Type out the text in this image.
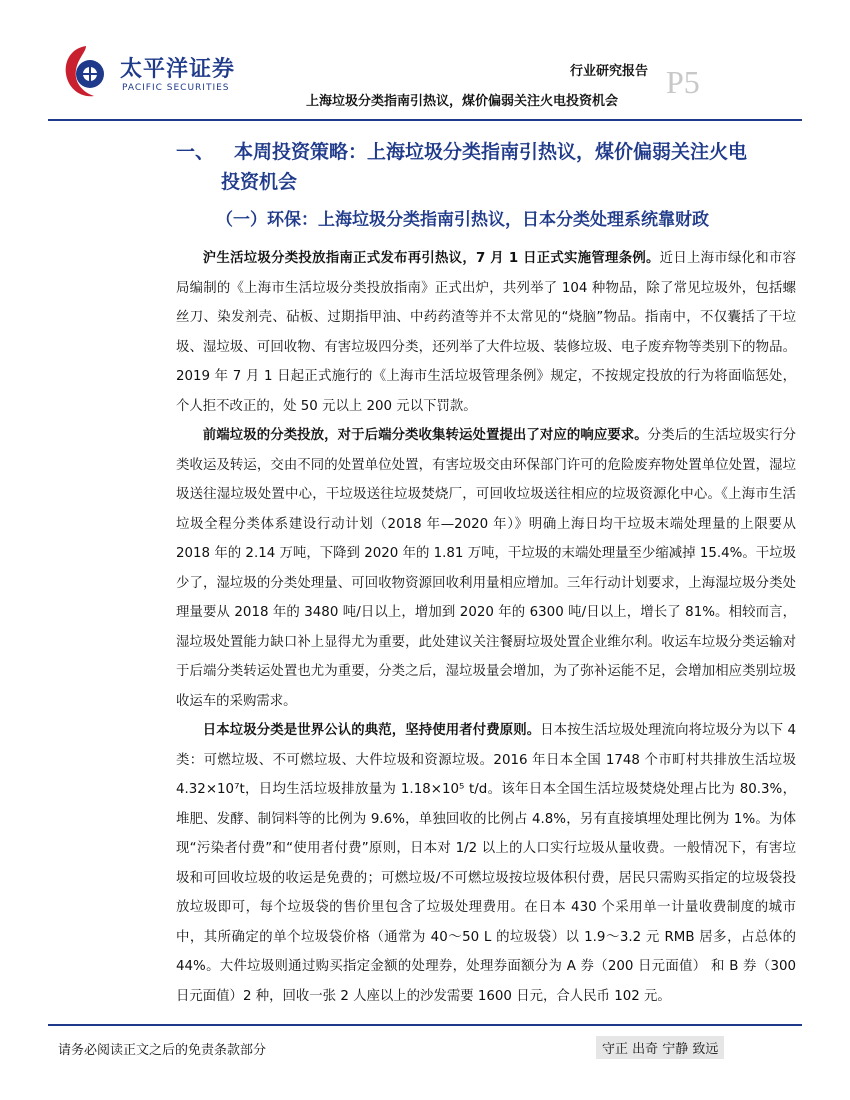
太平洋证券
PACIFIC SECURITIES
行业研究报告 P5
上海垃圾分类指南引热议，煤价偏弱关注火电投资机会
一、 本周投资策略：上海垃圾分类指南引热议，煤价偏弱关注火电
投资机会
（一）环保：上海垃圾分类指南引热议，日本分类处理系统靠财政

沪生活垃圾分类投放指南正式发布再引热议，7 月 1 日正式实施管理条例。近日上海市绿化和市容局编制的《上海市生活垃圾分类投放指南》正式出炉，共列举了 104 种物品，除了常见垃圾外，包括螺丝刀、染发剂壳、砧板、过期指甲油、中药药渣等并不太常见的“烧脑”物品。指南中，不仅囊括了干垃圾、湿垃圾、可回收物、有害垃圾四分类，还列举了大件垃圾、装修垃圾、电子废弃物等类别下的物品。2019 年 7 月 1 日起正式施行的《上海市生活垃圾管理条例》规定，不按规定投放的行为将面临惩处，个人拒不改正的，处 50 元以上 200 元以下罚款。

前端垃圾的分类投放，对于后端分类收集转运处置提出了对应的响应要求。分类后的生活垃圾实行分类收运及转运，交由不同的处置单位处置，有害垃圾交由环保部门许可的危险废弃物处置单位处置，湿垃圾送往湿垃圾处置中心，干垃圾送往垃圾焚烧厂，可回收垃圾送往相应的垃圾资源化中心。《上海市生活垃圾全程分类体系建设行动计划（2018 年—2020 年）》明确上海日均干垃圾末端处理量的上限要从 2018 年的 2.14 万吨，下降到 2020 年的 1.81 万吨，干垃圾的末端处理量至少缩减掉 15.4%。干垃圾少了，湿垃圾的分类处理量、可回收物资源回收利用量相应增加。三年行动计划要求，上海湿垃圾分类处理量要从 2018 年的 3480 吨/日以上，增加到 2020 年的 6300 吨/日以上，增长了 81%。相较而言，湿垃圾处置能力缺口补上显得尤为重要，此处建议关注餐厨垃圾处置企业维尔利。收运车垃圾分类运输对于后端分类转运处置也尤为重要，分类之后，湿垃圾量会增加，为了弥补运能不足，会增加相应类别垃圾收运车的采购需求。

日本垃圾分类是世界公认的典范，坚持使用者付费原则。日本按生活垃圾处理流向将垃圾分为以下 4 类：可燃垃圾、不可燃垃圾、大件垃圾和资源垃圾。2016 年日本全国 1748 个市町村共排放生活垃圾 4.32×10⁷t，日均生活垃圾排放量为 1.18×10⁵ t/d。该年日本全国生活垃圾焚烧处理占比为 80.3%，堆肥、发酵、制饲料等的比例为 9.6%，单独回收的比例占 4.8%，另有直接填埋处理比例为 1%。为体现“污染者付费”和“使用者付费”原则，日本对 1/2 以上的人口实行垃圾从量收费。一般情况下，有害垃圾和可回收垃圾的收运是免费的；可燃垃圾/不可燃垃圾按垃圾体积付费，居民只需购买指定的垃圾袋投放垃圾即可，每个垃圾袋的售价里包含了垃圾处理费用。在日本 430 个采用单一计量收费制度的城市中，其所确定的单个垃圾袋价格（通常为 40～50 L 的垃圾袋）以 1.9～3.2 元 RMB 居多，占总体的 44%。大件垃圾则通过购买指定金额的处理券，处理券面额分为 A 券（200 日元面值） 和 B 券（300 日元面值）2 种，回收一张 2 人座以上的沙发需要 1600 日元，合人民币 102 元。

请务必阅读正文之后的免责条款部分	守正 出奇 宁静 致远
